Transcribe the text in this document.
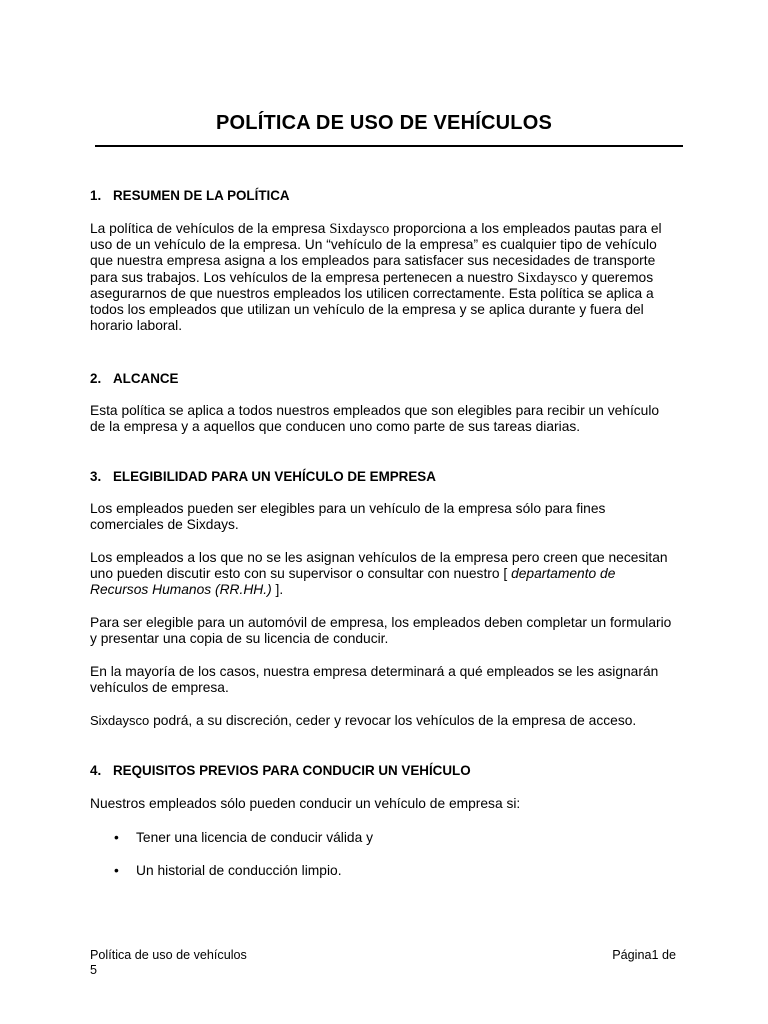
POLÍTICA DE USO DE VEHÍCULOS
1. RESUMEN DE LA POLÍTICA
La política de vehículos de la empresa Sixdaysco proporciona a los empleados pautas para el
uso de un vehículo de la empresa. Un “vehículo de la empresa” es cualquier tipo de vehículo
que nuestra empresa asigna a los empleados para satisfacer sus necesidades de transporte
para sus trabajos. Los vehículos de la empresa pertenecen a nuestro Sixdaysco y queremos
asegurarnos de que nuestros empleados los utilicen correctamente. Esta política se aplica a
todos los empleados que utilizan un vehículo de la empresa y se aplica durante y fuera del
horario laboral.
2. ALCANCE
Esta política se aplica a todos nuestros empleados que son elegibles para recibir un vehículo
de la empresa y a aquellos que conducen uno como parte de sus tareas diarias.
3. ELEGIBILIDAD PARA UN VEHÍCULO DE EMPRESA
Los empleados pueden ser elegibles para un vehículo de la empresa sólo para fines
comerciales de Sixdays.
Los empleados a los que no se les asignan vehículos de la empresa pero creen que necesitan
uno pueden discutir esto con su supervisor o consultar con nuestro [ departamento de
Recursos Humanos (RR.HH.) ].
Para ser elegible para un automóvil de empresa, los empleados deben completar un formulario
y presentar una copia de su licencia de conducir.
En la mayoría de los casos, nuestra empresa determinará a qué empleados se les asignarán
vehículos de empresa.
Sixdaysco podrá, a su discreción, ceder y revocar los vehículos de la empresa de acceso.
4. REQUISITOS PREVIOS PARA CONDUCIR UN VEHÍCULO
Nuestros empleados sólo pueden conducir un vehículo de empresa si:
• Tener una licencia de conducir válida y
• Un historial de conducción limpio.
Política de uso de vehículos
5
Página1 de
